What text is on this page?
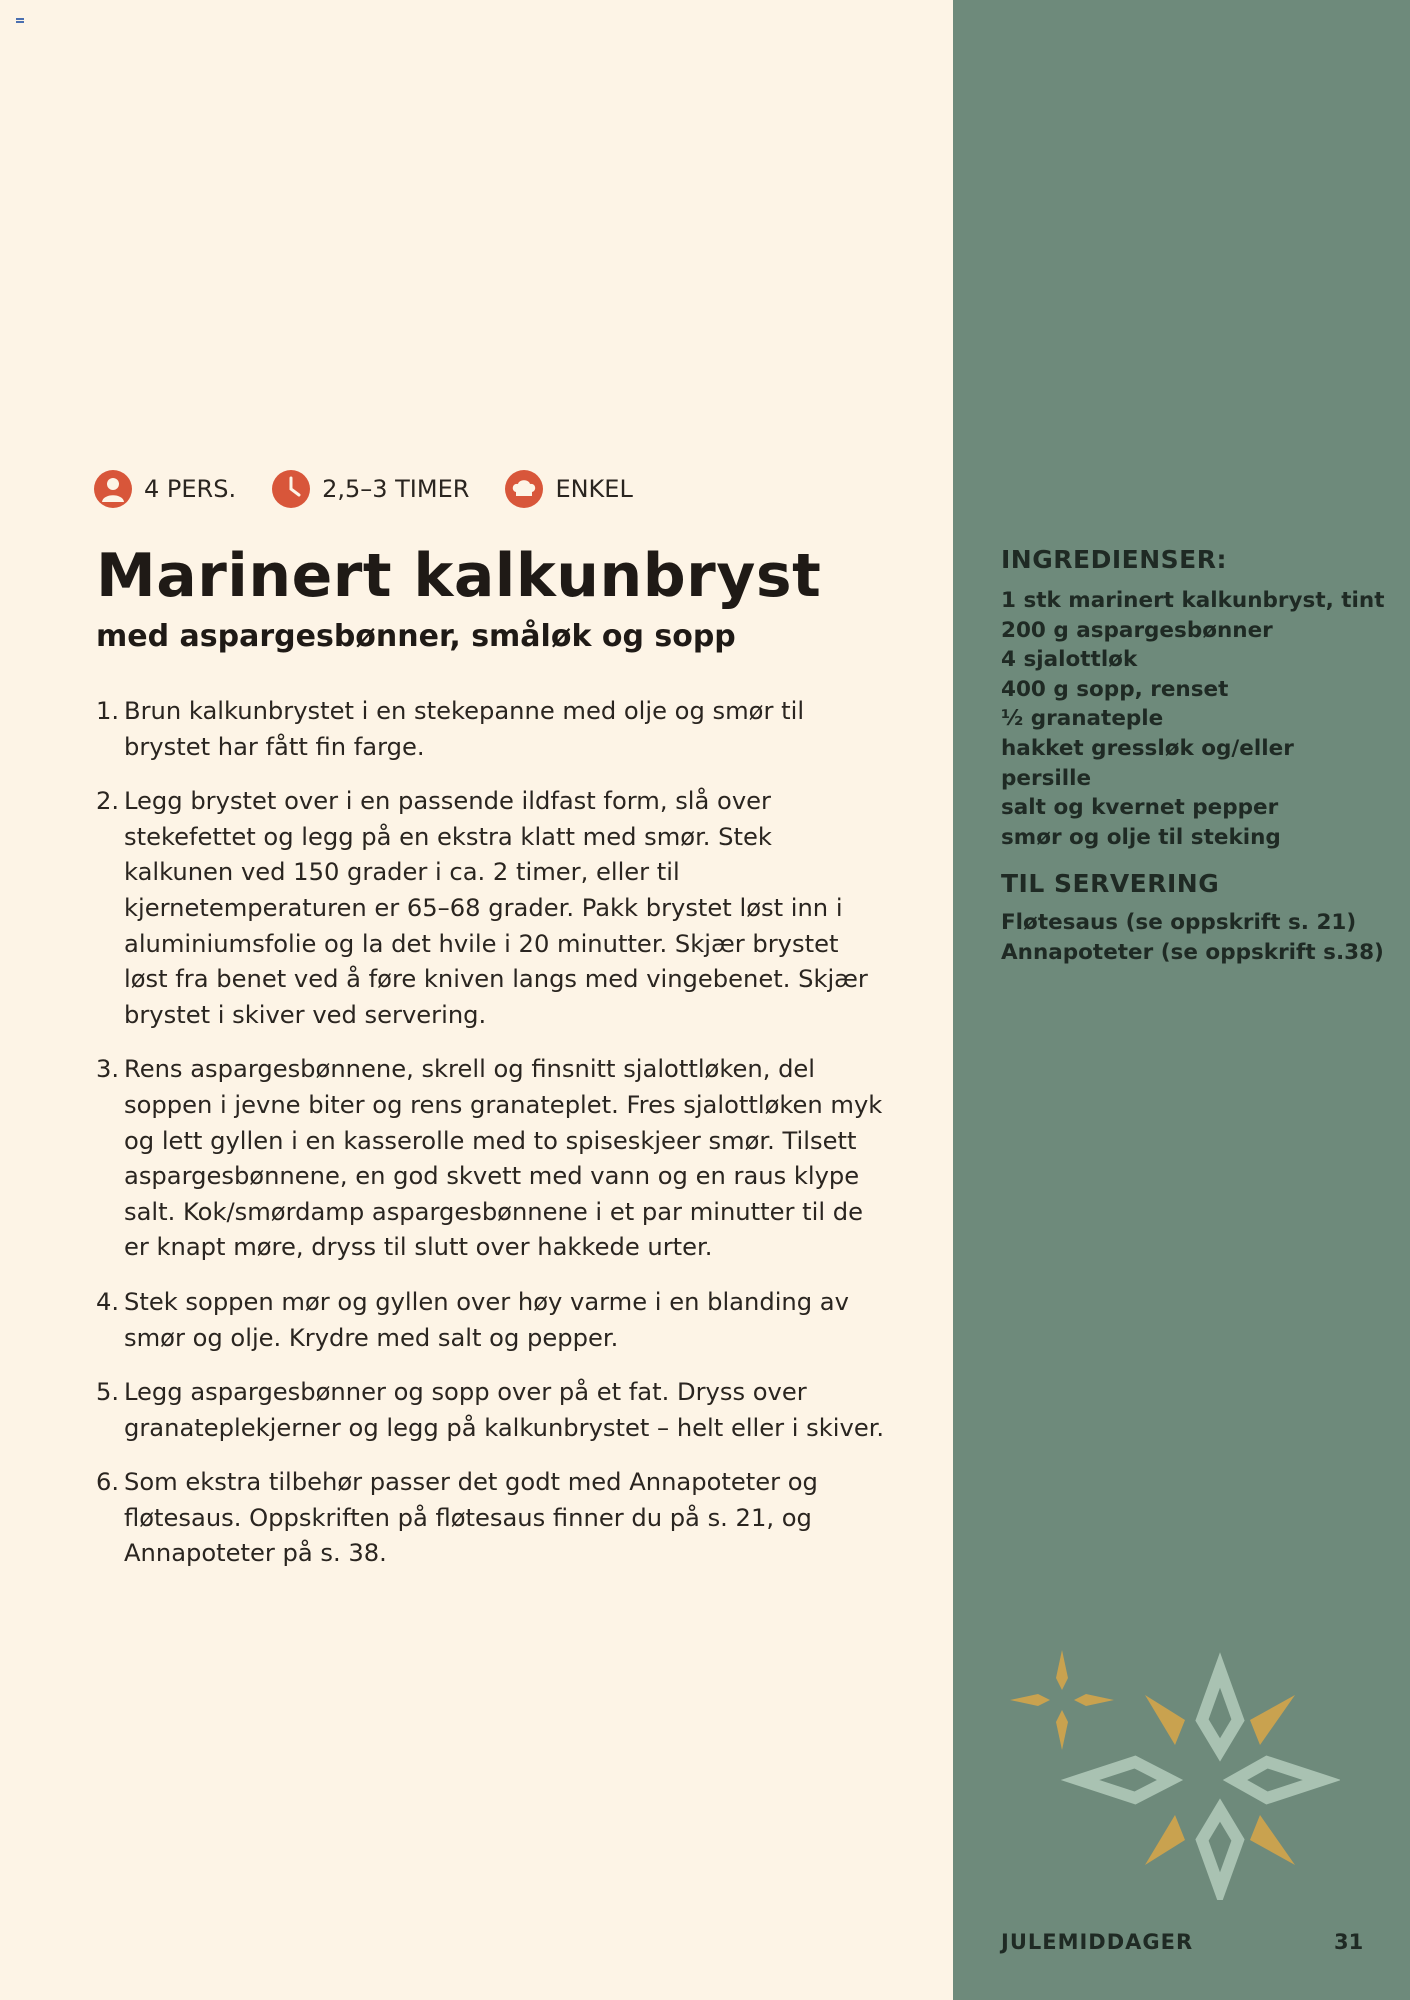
4 PERS.	2,5–3 TIMER	ENKEL
Marinert kalkunbryst
med aspargesbønner, småløk og sopp
1. Brun kalkunbrystet i en stekepanne med olje og smør til brystet har fått fin farge.
2. Legg brystet over i en passende ildfast form, slå over stekefettet og legg på en ekstra klatt med smør. Stek kalkunen ved 150 grader i ca. 2 timer, eller til kjernetemperaturen er 65–68 grader. Pakk brystet løst inn i aluminiumsfolie og la det hvile i 20 minutter. Skjær brystet løst fra benet ved å føre kniven langs med vingebenet. Skjær brystet i skiver ved servering.
3. Rens aspargesbønnene, skrell og finsnitt sjalottløken, del soppen i jevne biter og rens granateplet. Fres sjalottløken myk og lett gyllen i en kasserolle med to spiseskjeer smør. Tilsett aspargesbønnene, en god skvett med vann og en raus klype salt. Kok/smørdamp aspargesbønnene i et par minutter til de er knapt møre, dryss til slutt over hakkede urter.
4. Stek soppen mør og gyllen over høy varme i en blanding av smør og olje. Krydre med salt og pepper.
5. Legg aspargesbønner og sopp over på et fat. Dryss over granateplekjerner og legg på kalkunbrystet – helt eller i skiver.
6. Som ekstra tilbehør passer det godt med Annapoteter og fløtesaus. Oppskriften på fløtesaus finner du på s. 21, og Annapoteter på s. 38.
INGREDIENSER:
1 stk marinert kalkunbryst, tint
200 g aspargesbønner
4 sjalottløk
400 g sopp, renset
½ granateple
hakket gressløk og/eller
persille
salt og kvernet pepper
smør og olje til steking
TIL SERVERING
Fløtesaus (se oppskrift s. 21)
Annapoteter (se oppskrift s.38)
JULEMIDDAGER	31
